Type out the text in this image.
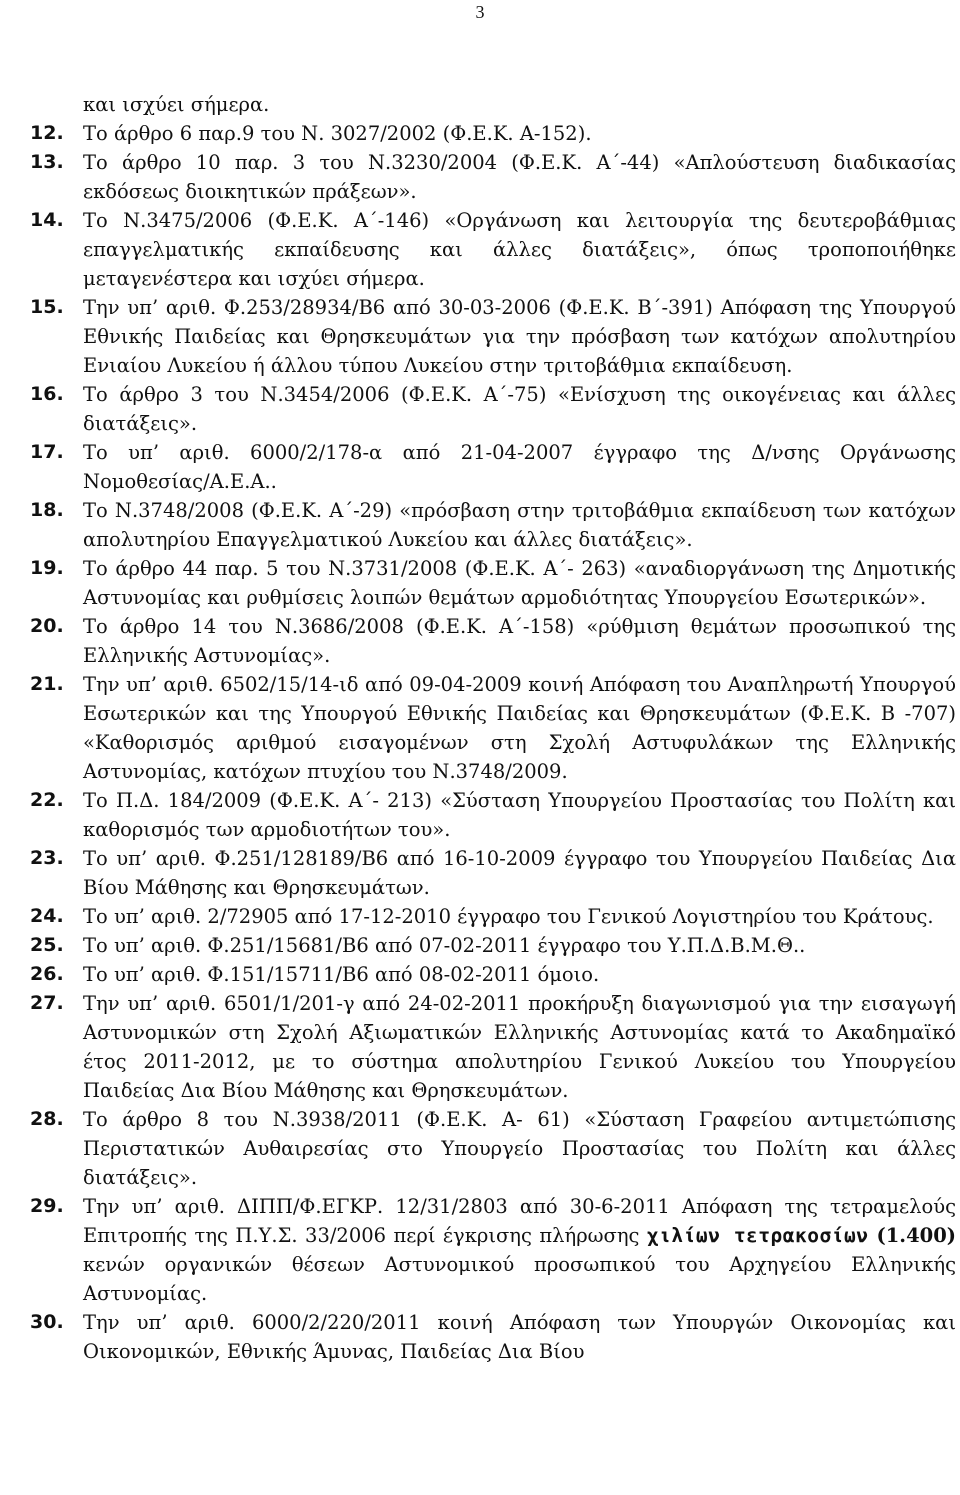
3
και ισχύει σήμερα.
12. Το άρθρο 6 παρ.9 του Ν. 3027/2002 (Φ.Ε.Κ. Α-152).
13. Το άρθρο 10 παρ. 3 του Ν.3230/2004 (Φ.Ε.Κ. Α΄-44) «Απλούστευση διαδικασίας εκδόσεως διοικητικών πράξεων».
14. Το Ν.3475/2006 (Φ.Ε.Κ. Α΄-146) «Οργάνωση και λειτουργία της δευτεροβάθμιας επαγγελματικής εκπαίδευσης και άλλες διατάξεις», όπως τροποποιήθηκε μεταγενέστερα και ισχύει σήμερα.
15. Την υπ’ αριθ. Φ.253/28934/Β6 από 30-03-2006 (Φ.Ε.Κ. Β΄-391) Απόφαση της Υπουργού Εθνικής Παιδείας και Θρησκευμάτων για την πρόσβαση των κατόχων απολυτηρίου Ενιαίου Λυκείου ή άλλου τύπου Λυκείου στην τριτοβάθμια εκπαίδευση.
16. Το άρθρο 3 του Ν.3454/2006 (Φ.Ε.Κ. Α΄-75) «Ενίσχυση της οικογένειας και άλλες διατάξεις».
17. Το υπ’ αριθ. 6000/2/178-α από 21-04-2007 έγγραφο της Δ/νσης Οργάνωσης Νομοθεσίας/Α.Ε.Α..
18. Το Ν.3748/2008 (Φ.Ε.Κ. Α΄-29) «πρόσβαση στην τριτοβάθμια εκπαίδευση των κατόχων απολυτηρίου Επαγγελματικού Λυκείου και άλλες διατάξεις».
19. Το άρθρο 44 παρ. 5 του Ν.3731/2008 (Φ.Ε.Κ. Α΄- 263) «αναδιοργάνωση της Δημοτικής Αστυνομίας και ρυθμίσεις λοιπών θεμάτων αρμοδιότητας Υπουργείου Εσωτερικών».
20. Το άρθρο 14 του Ν.3686/2008 (Φ.Ε.Κ. Α΄-158) «ρύθμιση θεμάτων προσωπικού της Ελληνικής Αστυνομίας».
21. Την υπ’ αριθ. 6502/15/14-ιδ από 09-04-2009 κοινή Απόφαση του Αναπληρωτή Υπουργού Εσωτερικών και της Υπουργού Εθνικής Παιδείας και Θρησκευμάτων (Φ.Ε.Κ. Β -707) «Καθορισμός αριθμού εισαγομένων στη Σχολή Αστυφυλάκων της Ελληνικής Αστυνομίας, κατόχων πτυχίου του Ν.3748/2009.
22. Το Π.Δ. 184/2009 (Φ.Ε.Κ. Α΄- 213) «Σύσταση Υπουργείου Προστασίας του Πολίτη και καθορισμός των αρμοδιοτήτων του».
23. Το υπ’ αριθ. Φ.251/128189/Β6 από 16-10-2009 έγγραφο του Υπουργείου Παιδείας Δια Βίου Μάθησης και Θρησκευμάτων.
24. Το υπ’ αριθ. 2/72905 από 17-12-2010 έγγραφο του Γενικού Λογιστηρίου του Κράτους.
25. Το υπ’ αριθ. Φ.251/15681/Β6 από 07-02-2011 έγγραφο του Υ.Π.Δ.Β.Μ.Θ..
26. Το υπ’ αριθ. Φ.151/15711/Β6 από 08-02-2011 όμοιο.
27. Την υπ’ αριθ. 6501/1/201-γ από 24-02-2011 προκήρυξη διαγωνισμού για την εισαγωγή Αστυνομικών στη Σχολή Αξιωματικών Ελληνικής Αστυνομίας κατά το Ακαδημαϊκό έτος 2011-2012, με το σύστημα απολυτηρίου Γενικού Λυκείου του Υπουργείου Παιδείας Δια Βίου Μάθησης και Θρησκευμάτων.
28. Το άρθρο 8 του Ν.3938/2011 (Φ.Ε.Κ. Α- 61) «Σύσταση Γραφείου αντιμετώπισης Περιστατικών Αυθαιρεσίας στο Υπουργείο Προστασίας του Πολίτη και άλλες διατάξεις».
29. Την υπ’ αριθ. ΔΙΠΠ/Φ.ΕΓΚΡ. 12/31/2803 από 30-6-2011 Απόφαση της τετραμελούς Επιτροπής της Π.Υ.Σ. 33/2006 περί έγκρισης πλήρωσης χιλίων τετρακοσίων (1.400) κενών οργανικών θέσεων Αστυνομικού προσωπικού του Αρχηγείου Ελληνικής Αστυνομίας.
30. Την υπ’ αριθ. 6000/2/220/2011 κοινή Απόφαση των Υπουργών Οικονομίας και Οικονομικών, Εθνικής Άμυνας, Παιδείας Δια Βίου
